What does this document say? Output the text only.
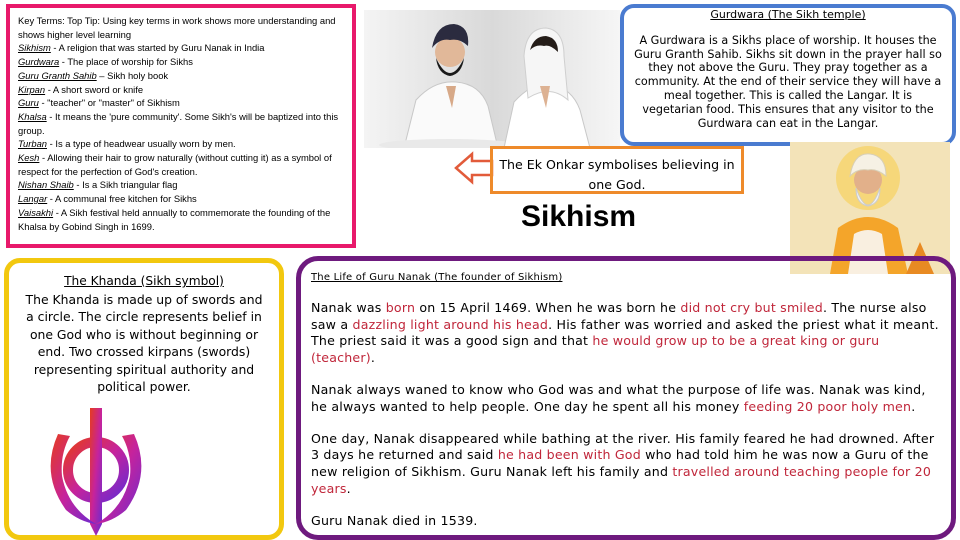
Key Terms: Top Tip: Using key terms in work shows more understanding and shows higher level learning

Sikhism - A religion that was started by Guru Nanak in India

Gurdwara - The place of worship for Sikhs

Guru Granth Sahib – Sikh holy book

Kirpan - A short sword or knife

Guru - "teacher" or "master" of Sikhism

Khalsa - It means the 'pure community'. Some Sikh's will be baptized into this group.

Turban - Is a type of headwear usually worn by men.

Kesh - Allowing their hair to grow naturally (without cutting it) as a symbol of respect for the perfection of God's creation.

Nishan Shaib - Is a Sikh triangular flag

Langar - A communal free kitchen for Sikhs

Vaisakhi - A Sikh festival held annually to commemorate the founding of the Khalsa by Gobind Singh in 1699.

Gurdwara (The Sikh temple)

A Gurdwara is a Sikhs place of worship. It houses the Guru Granth Sahib. Sikhs sit down in the prayer hall so they not above the Guru. They pray together as a community. At the end of their service they will have a meal together. This is called the Langar. It is vegetarian food. This ensures that any visitor to the Gurdwara can eat in the Langar.

The Ek Onkar symbolises believing in one God.
Sikhism
The Khanda (Sikh symbol)

The Khanda is made up of swords and a circle. The circle represents belief in one God who is without beginning or end. Two crossed kirpans (swords) representing spiritual authority and political power.

The Life of Guru Nanak (The founder of Sikhism)

Nanak was born on 15 April 1469. When he was born he did not cry but smiled. The nurse also saw a dazzling light around his head. His father was worried and asked the priest what it meant. The priest said it was a good sign and that he would grow up to be a great king or guru (teacher).

Nanak always waned to know who God was and what the purpose of life was. Nanak was kind, he always wanted to help people. One day he spent all his money feeding 20 poor holy men.

One day, Nanak disappeared while bathing at the river. His family feared he had drowned. After 3 days he returned and said he had been with God who had told him he was now a Guru of the new religion of Sikhism. Guru Nanak left his family and travelled around teaching people for 20 years.

Guru Nanak died in 1539.
